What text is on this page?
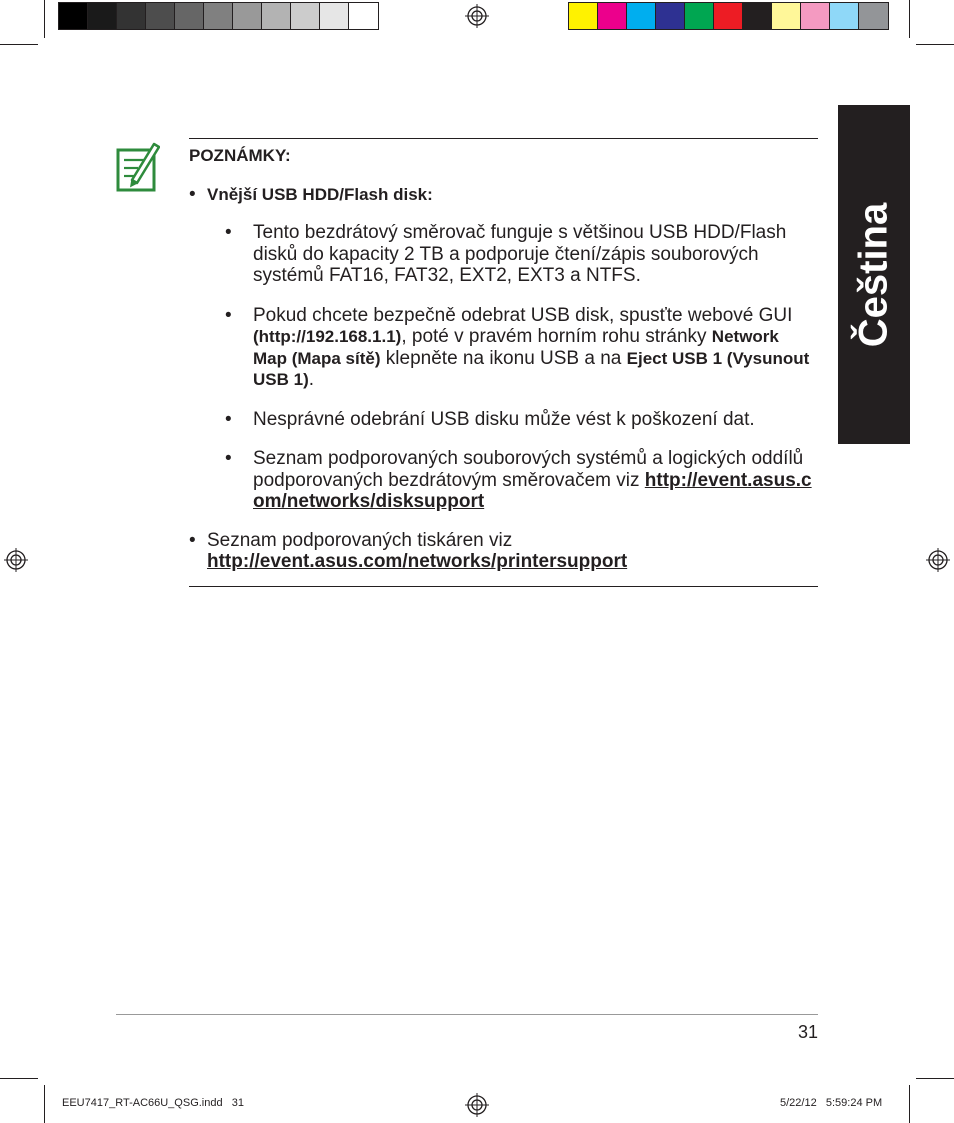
Čeština
POZNÁMKY:
• Vnější USB HDD/Flash disk:
• Tento bezdrátový směrovač funguje s většinou USB HDD/Flash disků do kapacity 2 TB a podporuje čtení/zápis souborových systémů FAT16, FAT32, EXT2, EXT3 a NTFS.
• Pokud chcete bezpečně odebrat USB disk, spusťte webové GUI (http://192.168.1.1), poté v pravém horním rohu stránky Network Map (Mapa sítě) klepněte na ikonu USB a na Eject USB 1 (Vysunout USB 1).
• Nesprávné odebrání USB disku může vést k poškození dat.
• Seznam podporovaných souborových systémů a logických oddílů podporovaných bezdrátovým směrovačem viz http://event.asus.com/networks/disksupport
• Seznam podporovaných tiskáren viz
http://event.asus.com/networks/printersupport
31
EEU7417_RT-AC66U_QSG.indd   31	5/22/12   5:59:24 PM
